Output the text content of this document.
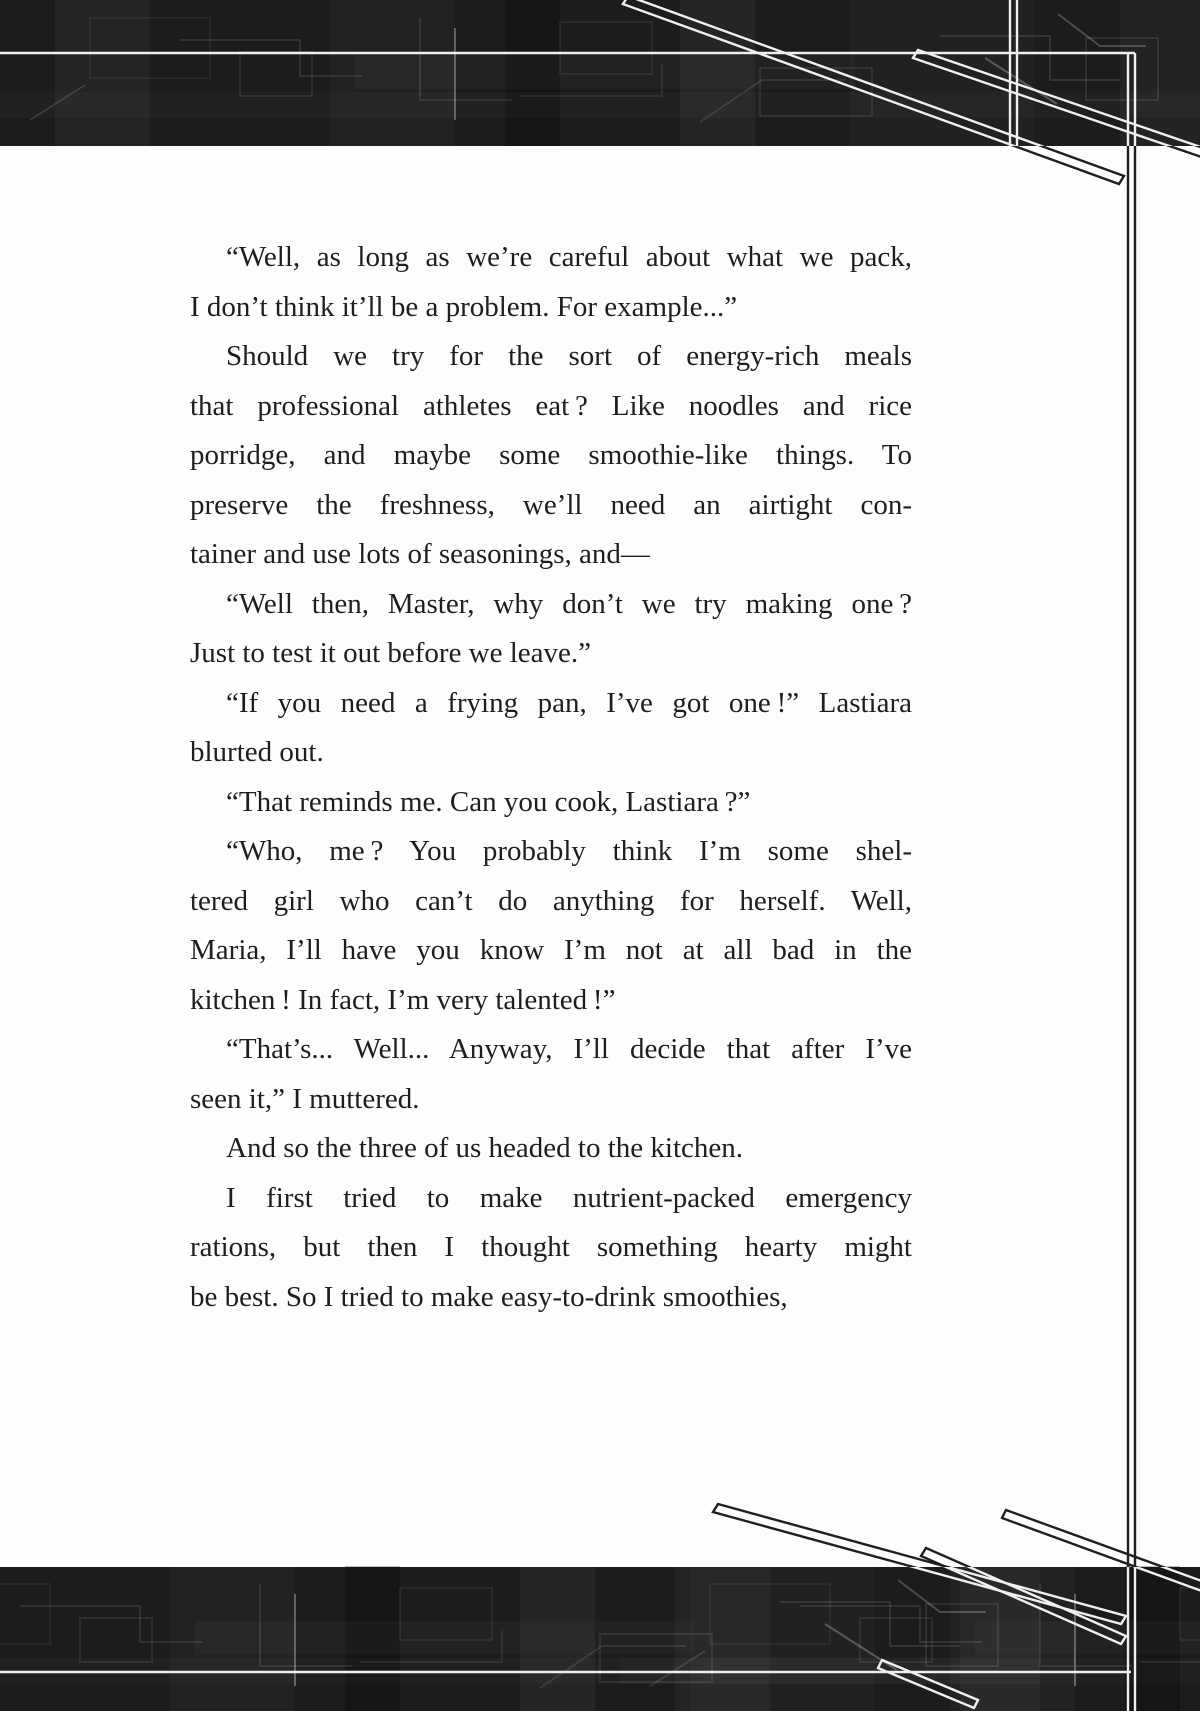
“Well, as long as we’re careful about what we pack,
I don’t think it’ll be a problem. For example...”
Should we try for the sort of energy-rich meals
that professional athletes eat ? Like noodles and rice
porridge, and maybe some smoothie-like things. To
preserve the freshness, we’ll need an airtight con-
tainer and use lots of seasonings, and—
“Well then, Master, why don’t we try making one ?
Just to test it out before we leave.”
“If you need a frying pan, I’ve got one !” Lastiara
blurted out.
“That reminds me. Can you cook, Lastiara ?”
“Who, me ? You probably think I’m some shel-
tered girl who can’t do anything for herself. Well,
Maria, I’ll have you know I’m not at all bad in the
kitchen ! In fact, I’m very talented !”
“That’s... Well... Anyway, I’ll decide that after I’ve
seen it,” I muttered.
And so the three of us headed to the kitchen.
I first tried to make nutrient-packed emergency
rations, but then I thought something hearty might
be best. So I tried to make easy-to-drink smoothies,
